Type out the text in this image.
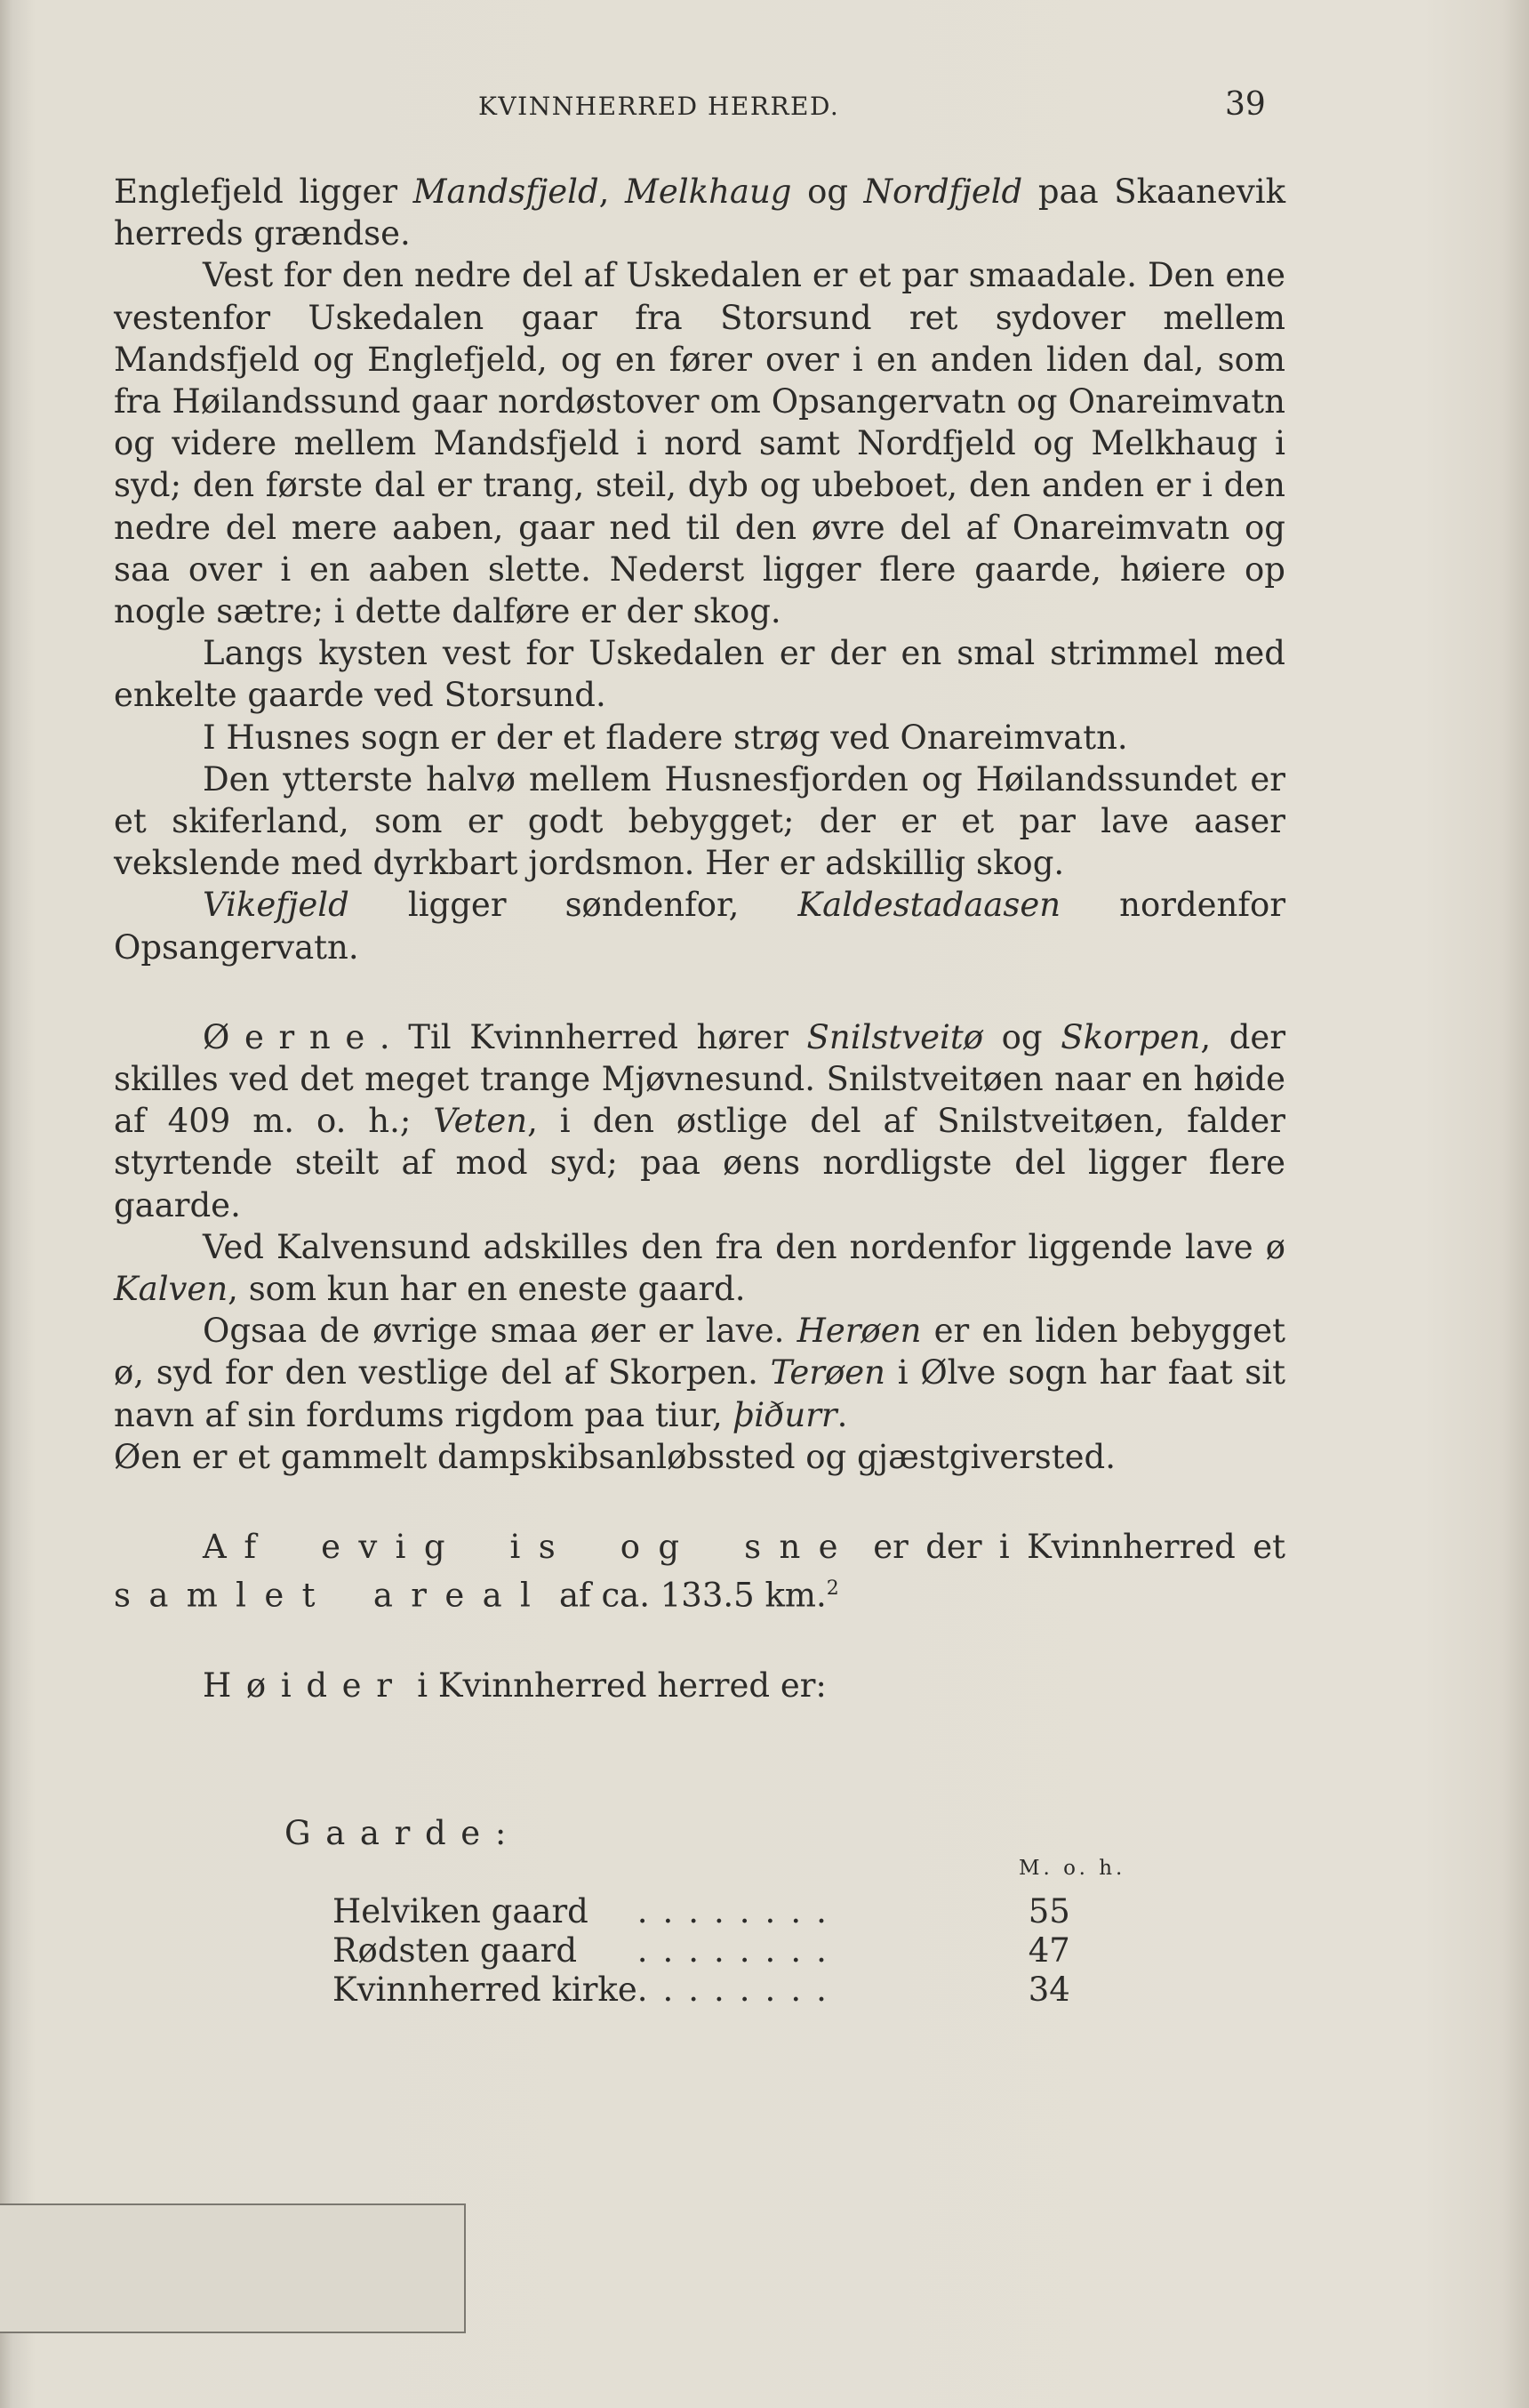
KVINNHERRED HERRED.	39

Englefjeld ligger Mandsfjeld, Melkhaug og Nordfjeld paa Skaanevik herreds grændse.

Vest for den nedre del af Uskedalen er et par smaadale. Den ene vestenfor Uskedalen gaar fra Storsund ret sydover mellem Mandsfjeld og Englefjeld, og en fører over i en anden liden dal, som fra Høilandssund gaar nordøstover om Opsangervatn og Onareimvatn og videre mellem Mandsfjeld i nord samt Nordfjeld og Melkhaug i syd; den første dal er trang, steil, dyb og ubeboet, den anden er i den nedre del mere aaben, gaar ned til den øvre del af Onareimvatn og saa over i en aaben slette. Nederst ligger flere gaarde, høiere op nogle sætre; i dette dalføre er der skog.

Langs kysten vest for Uskedalen er der en smal strimmel med enkelte gaarde ved Storsund.

I Husnes sogn er der et fladere strøg ved Onareimvatn.

Den ytterste halvø mellem Husnesfjorden og Høilandssundet er et skiferland, som er godt bebygget; der er et par lave aaser vekslende med dyrkbart jordsmon. Her er adskillig skog.

Vikefjeld ligger søndenfor, Kaldestadaasen nordenfor Opsangervatn.

Øerne. Til Kvinnherred hører Snilstveitø og Skorpen, der skilles ved det meget trange Mjøvnesund. Snilstveitøen naar en høide af 409 m. o. h.; Veten, i den østlige del af Snilstveitøen, falder styrtende steilt af mod syd; paa øens nordligste del ligger flere gaarde.

Ved Kalvensund adskilles den fra den nordenfor liggende lave ø Kalven, som kun har en eneste gaard.

Ogsaa de øvrige smaa øer er lave. Herøen er en liden bebygget ø, syd for den vestlige del af Skorpen. Terøen i Ølve sogn har faat sit navn af sin fordums rigdom paa tiur, þiðurr.

Øen er et gammelt dampskibsanløbssted og gjæstgiversted.

Af evig is og sne er der i Kvinnherred et samlet areal af ca. 133.5 km.$^2$

Høider i Kvinnherred herred er:

Gaarde:
M. o. h.
Helviken gaard	........	55
Rødsten gaard	........	47
Kvinnherred kirke	........	34
